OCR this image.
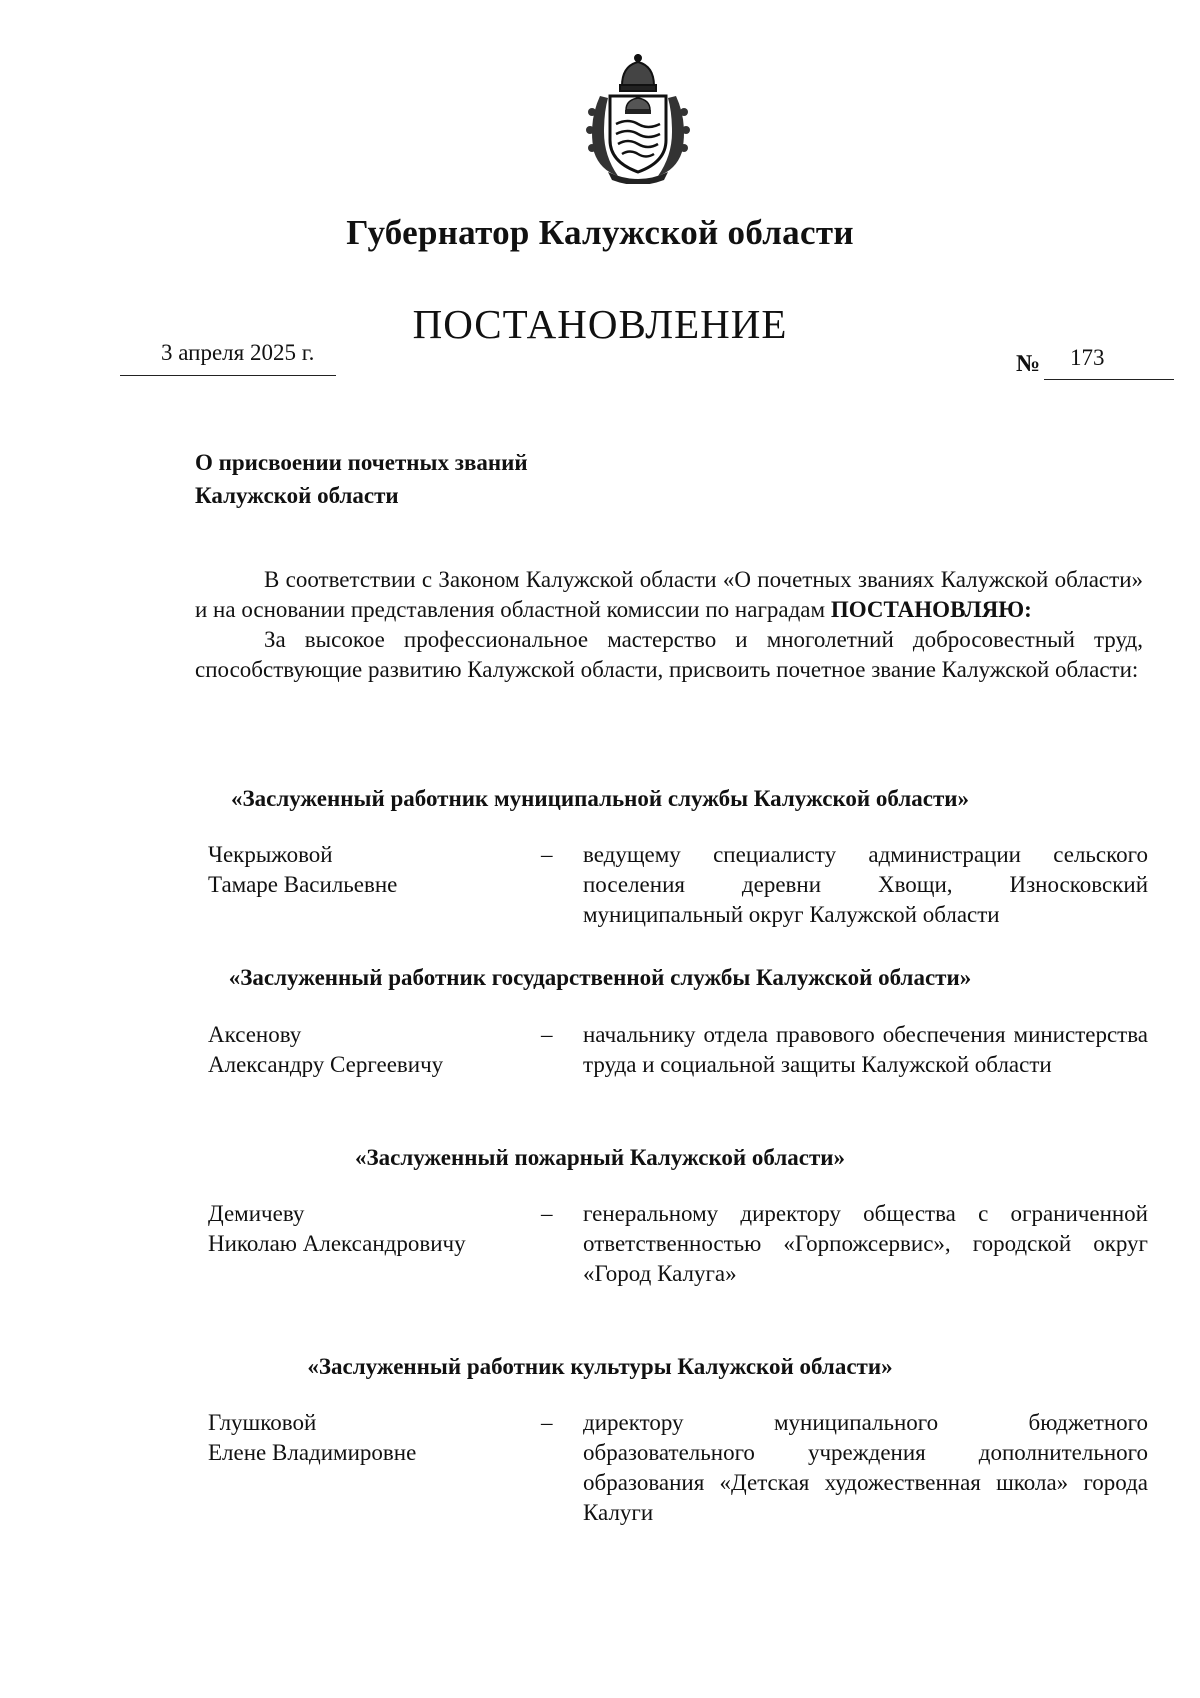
Губернатор Калужской области
ПОСТАНОВЛЕНИЕ
3 апреля 2025 г.	№ 173
О присвоении почетных званий
Калужской области

В соответствии с Законом Калужской области «О почетных званиях Калужской области» и на основании представления областной комиссии по наградам ПОСТАНОВЛЯЮ:

За высокое профессиональное мастерство и многолетний добросовестный труд, способствующие развитию Калужской области, присвоить почетное звание Калужской области:

«Заслуженный работник муниципальной службы Калужской области»
Чекрыжовой
Тамаре Васильевне
– ведущему специалисту администрации сельского поселения деревни Хвощи, Износковский муниципальный округ Калужской области
«Заслуженный работник государственной службы Калужской области»
Аксенову
Александру Сергеевичу
– начальнику отдела правового обеспечения министерства труда и социальной защиты Калужской области
«Заслуженный пожарный Калужской области»
Демичеву
Николаю Александровичу
– генеральному директору общества с ограниченной ответственностью «Горпожсервис», городской округ «Город Калуга»
«Заслуженный работник культуры Калужской области»
Глушковой
Елене Владимировне
– директору муниципального бюджетного образовательного учреждения дополнительного образования «Детская художественная школа» города Калуги
